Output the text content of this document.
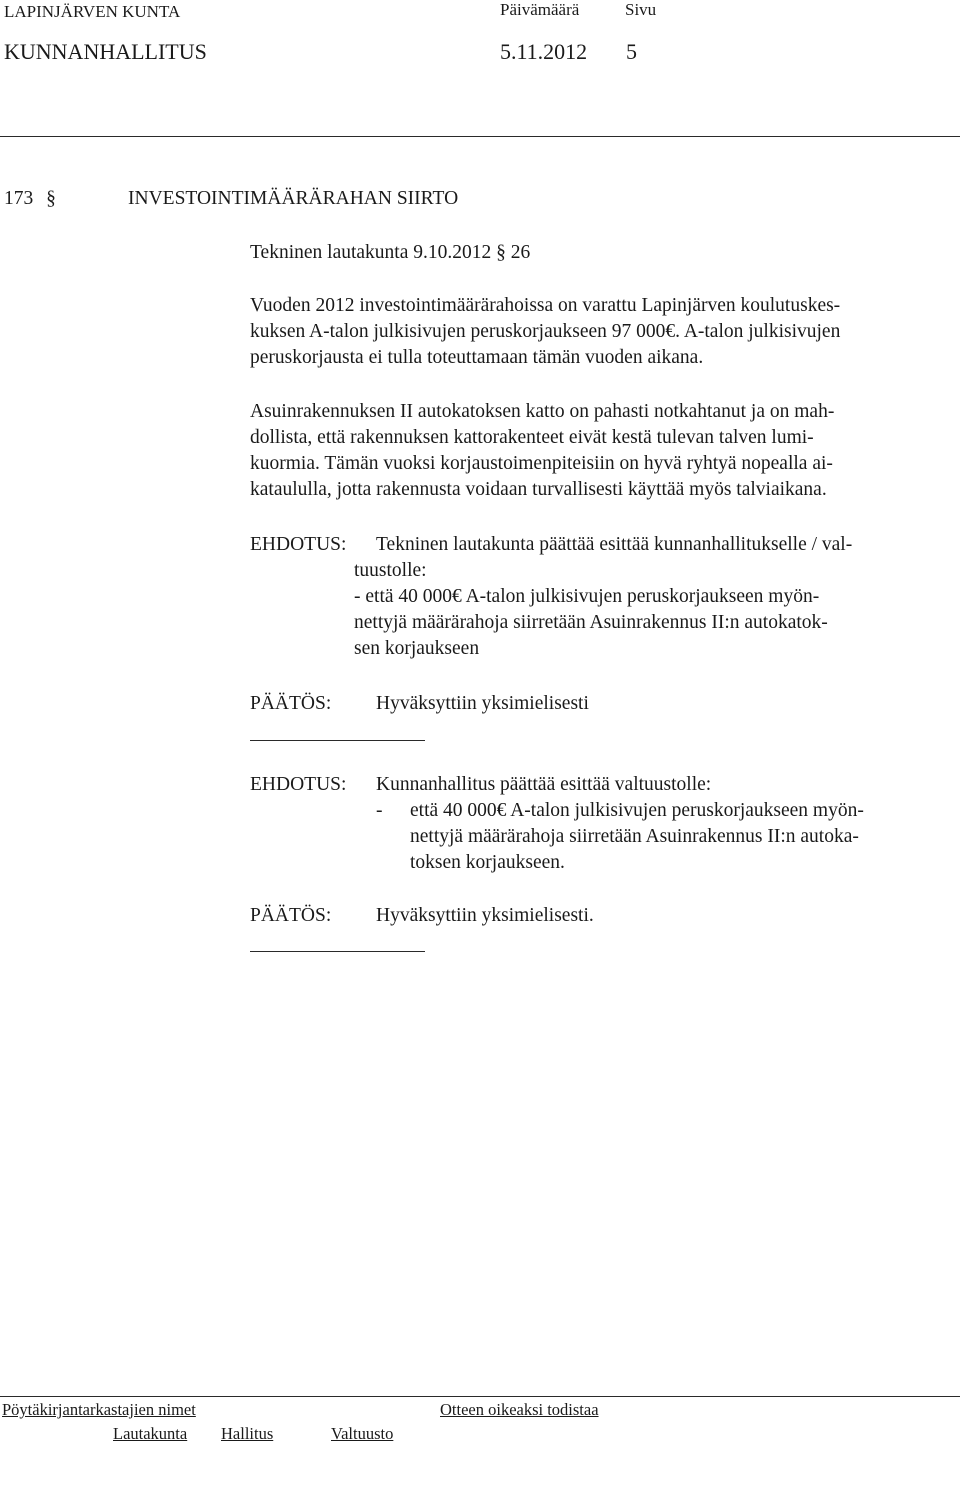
LAPINJÄRVEN KUNTA	Päivämäärä	Sivu
KUNNANHALLITUS	5.11.2012 5
173 §	INVESTOINTIMÄÄRÄRAHAN SIIRTO
Tekninen lautakunta 9.10.2012 § 26
Vuoden 2012 investointimäärärahoissa on varattu Lapinjärven koulutuskes-
kuksen A-talon julkisivujen peruskorjaukseen 97 000€. A-talon julkisivujen
peruskorjausta ei tulla toteuttamaan tämän vuoden aikana.
Asuinrakennuksen II autokatoksen katto on pahasti notkahtanut ja on mah-
dollista, että rakennuksen kattorakenteet eivät kestä tulevan talven lumi-
kuormia. Tämän vuoksi korjaustoimenpiteisiin on hyvä ryhtyä nopealla ai-
kataululla, jotta rakennusta voidaan turvallisesti käyttää myös talviaikana.
EHDOTUS: Tekninen lautakunta päättää esittää kunnanhallitukselle / val-
tuustolle:
- että 40 000€ A-talon julkisivujen peruskorjaukseen myön-
nettyjä määrärahoja siirretään Asuinrakennus II:n autokatok-
sen korjaukseen
PÄÄTÖS: Hyväksyttiin yksimielisesti
EHDOTUS: Kunnanhallitus päättää esittää valtuustolle:
- että 40 000€ A-talon julkisivujen peruskorjaukseen myön-
nettyjä määrärahoja siirretään Asuinrakennus II:n autoka-
toksen korjaukseen.
PÄÄTÖS: Hyväksyttiin yksimielisesti.
Pöytäkirjantarkastajien nimet	Otteen oikeaksi todistaa
Lautakunta Hallitus	Valtuusto
